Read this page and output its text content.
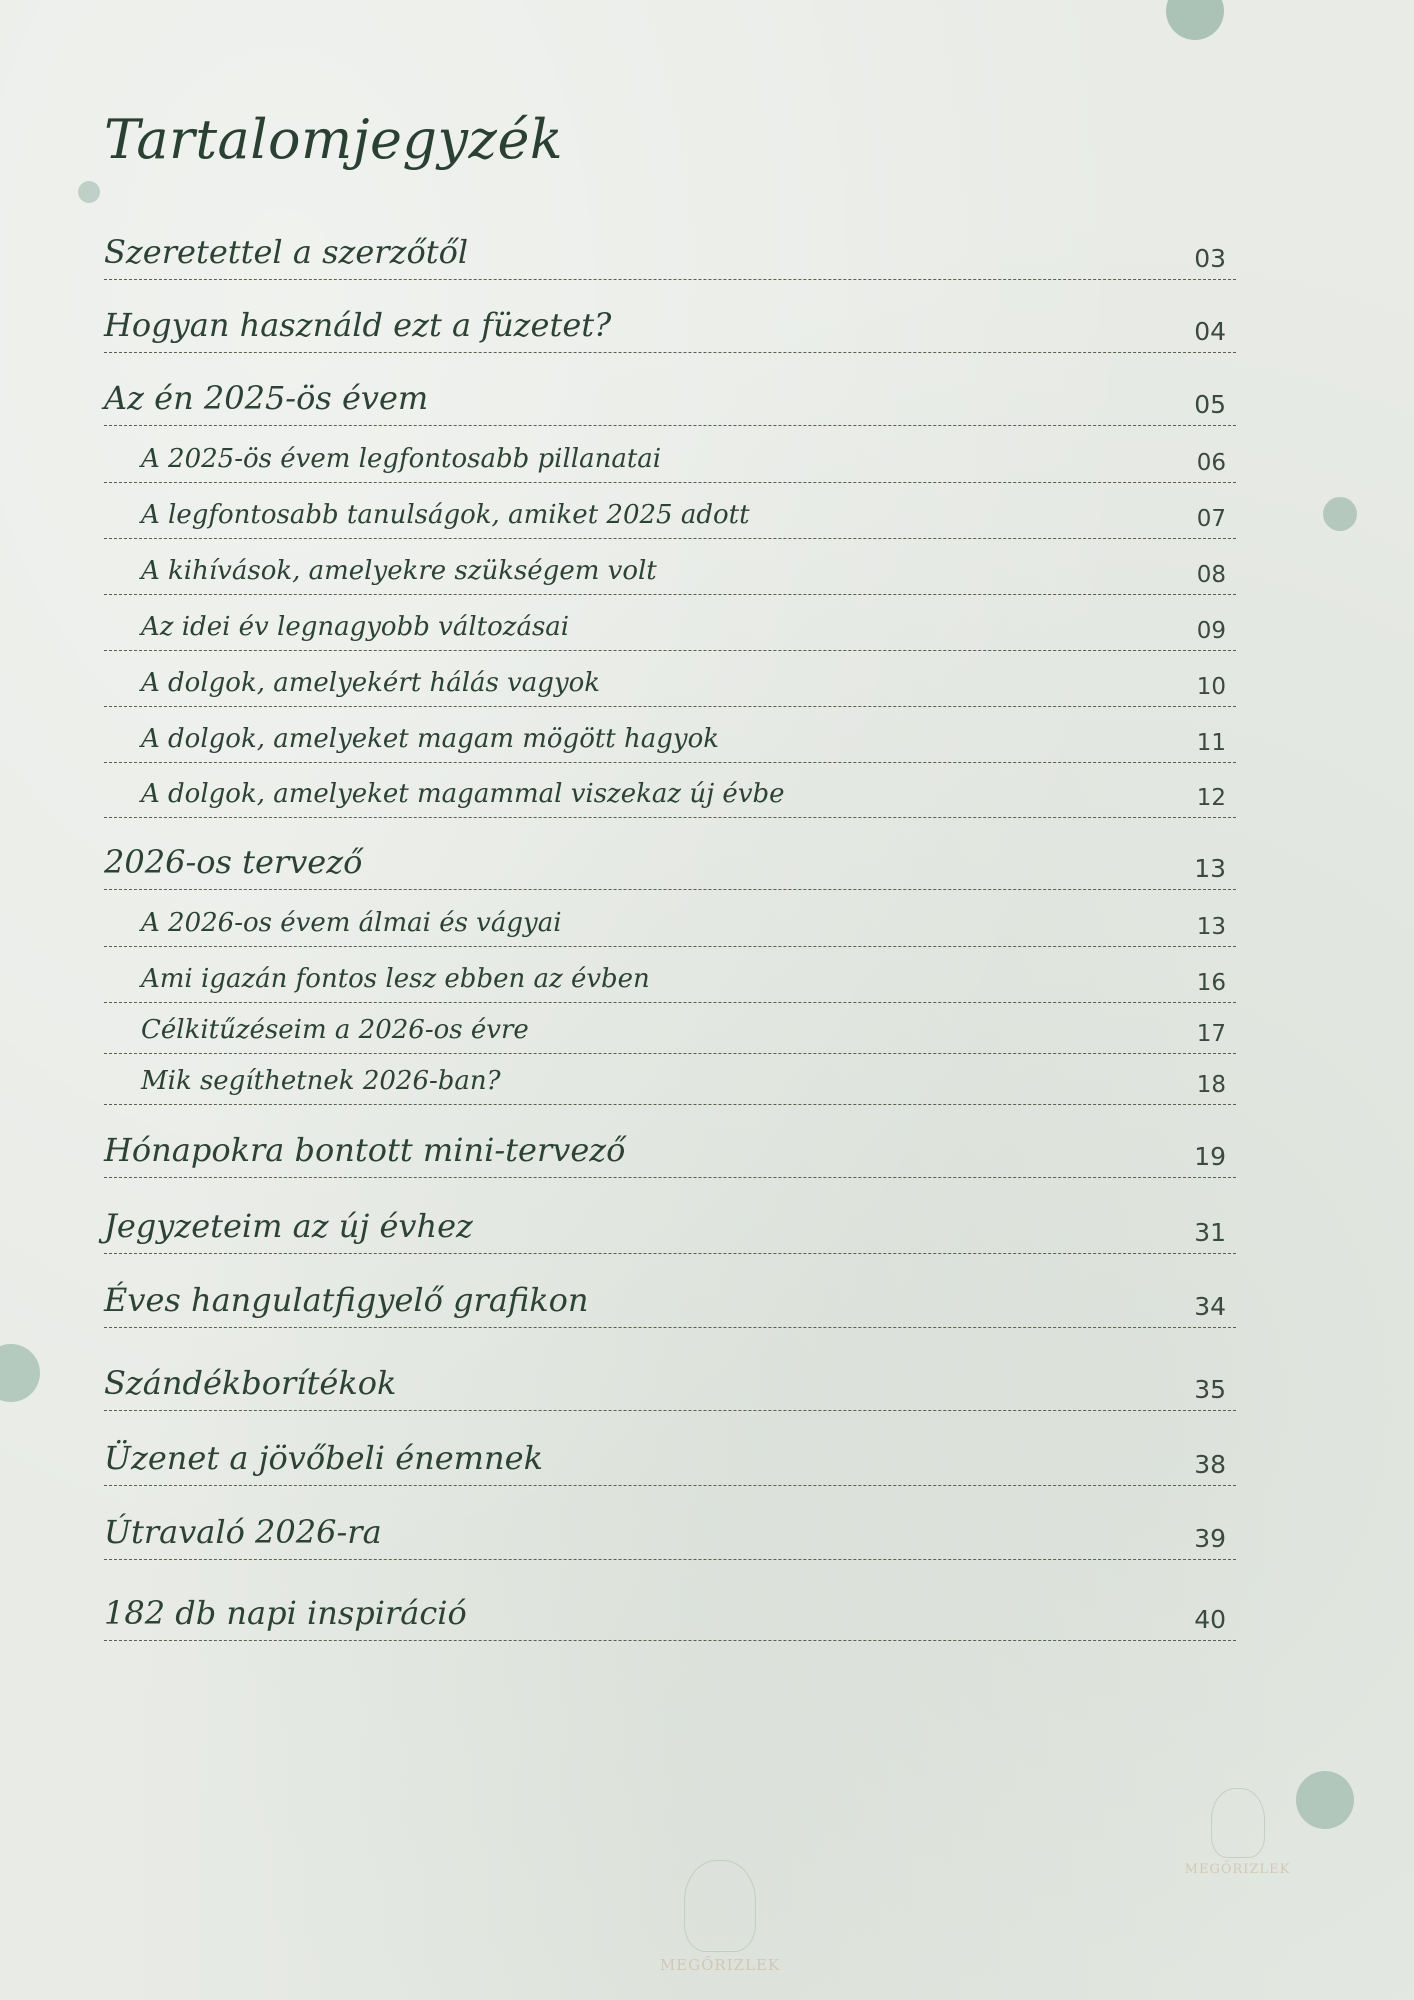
Tartalomjegyzék
Szeretettel a szerzőtől	03
Hogyan használd ezt a füzetet?	04
Az én 2025-ös évem	05
A 2025-ös évem legfontosabb pillanatai	06
A legfontosabb tanulságok, amiket 2025 adott	07
A kihívások, amelyekre szükségem volt	08
Az idei év legnagyobb változásai	09
A dolgok, amelyekért hálás vagyok	10
A dolgok, amelyeket magam mögött hagyok	11
A dolgok, amelyeket magammal viszekaz új évbe	12
2026-os tervező	13
A 2026-os évem álmai és vágyai	13
Ami igazán fontos lesz ebben az évben	16
Célkitűzéseim a 2026-os évre	17
Mik segíthetnek 2026-ban?	18
Hónapokra bontott mini-tervező	19
Jegyzeteim az új évhez	31
Éves hangulatfigyelő grafikon	34
Szándékborítékok	35
Üzenet a jövőbeli énemnek	38
Útravaló 2026-ra	39
182 db napi inspiráció	40
MEGŐRIZLEK
MEGŐRIZLEK
